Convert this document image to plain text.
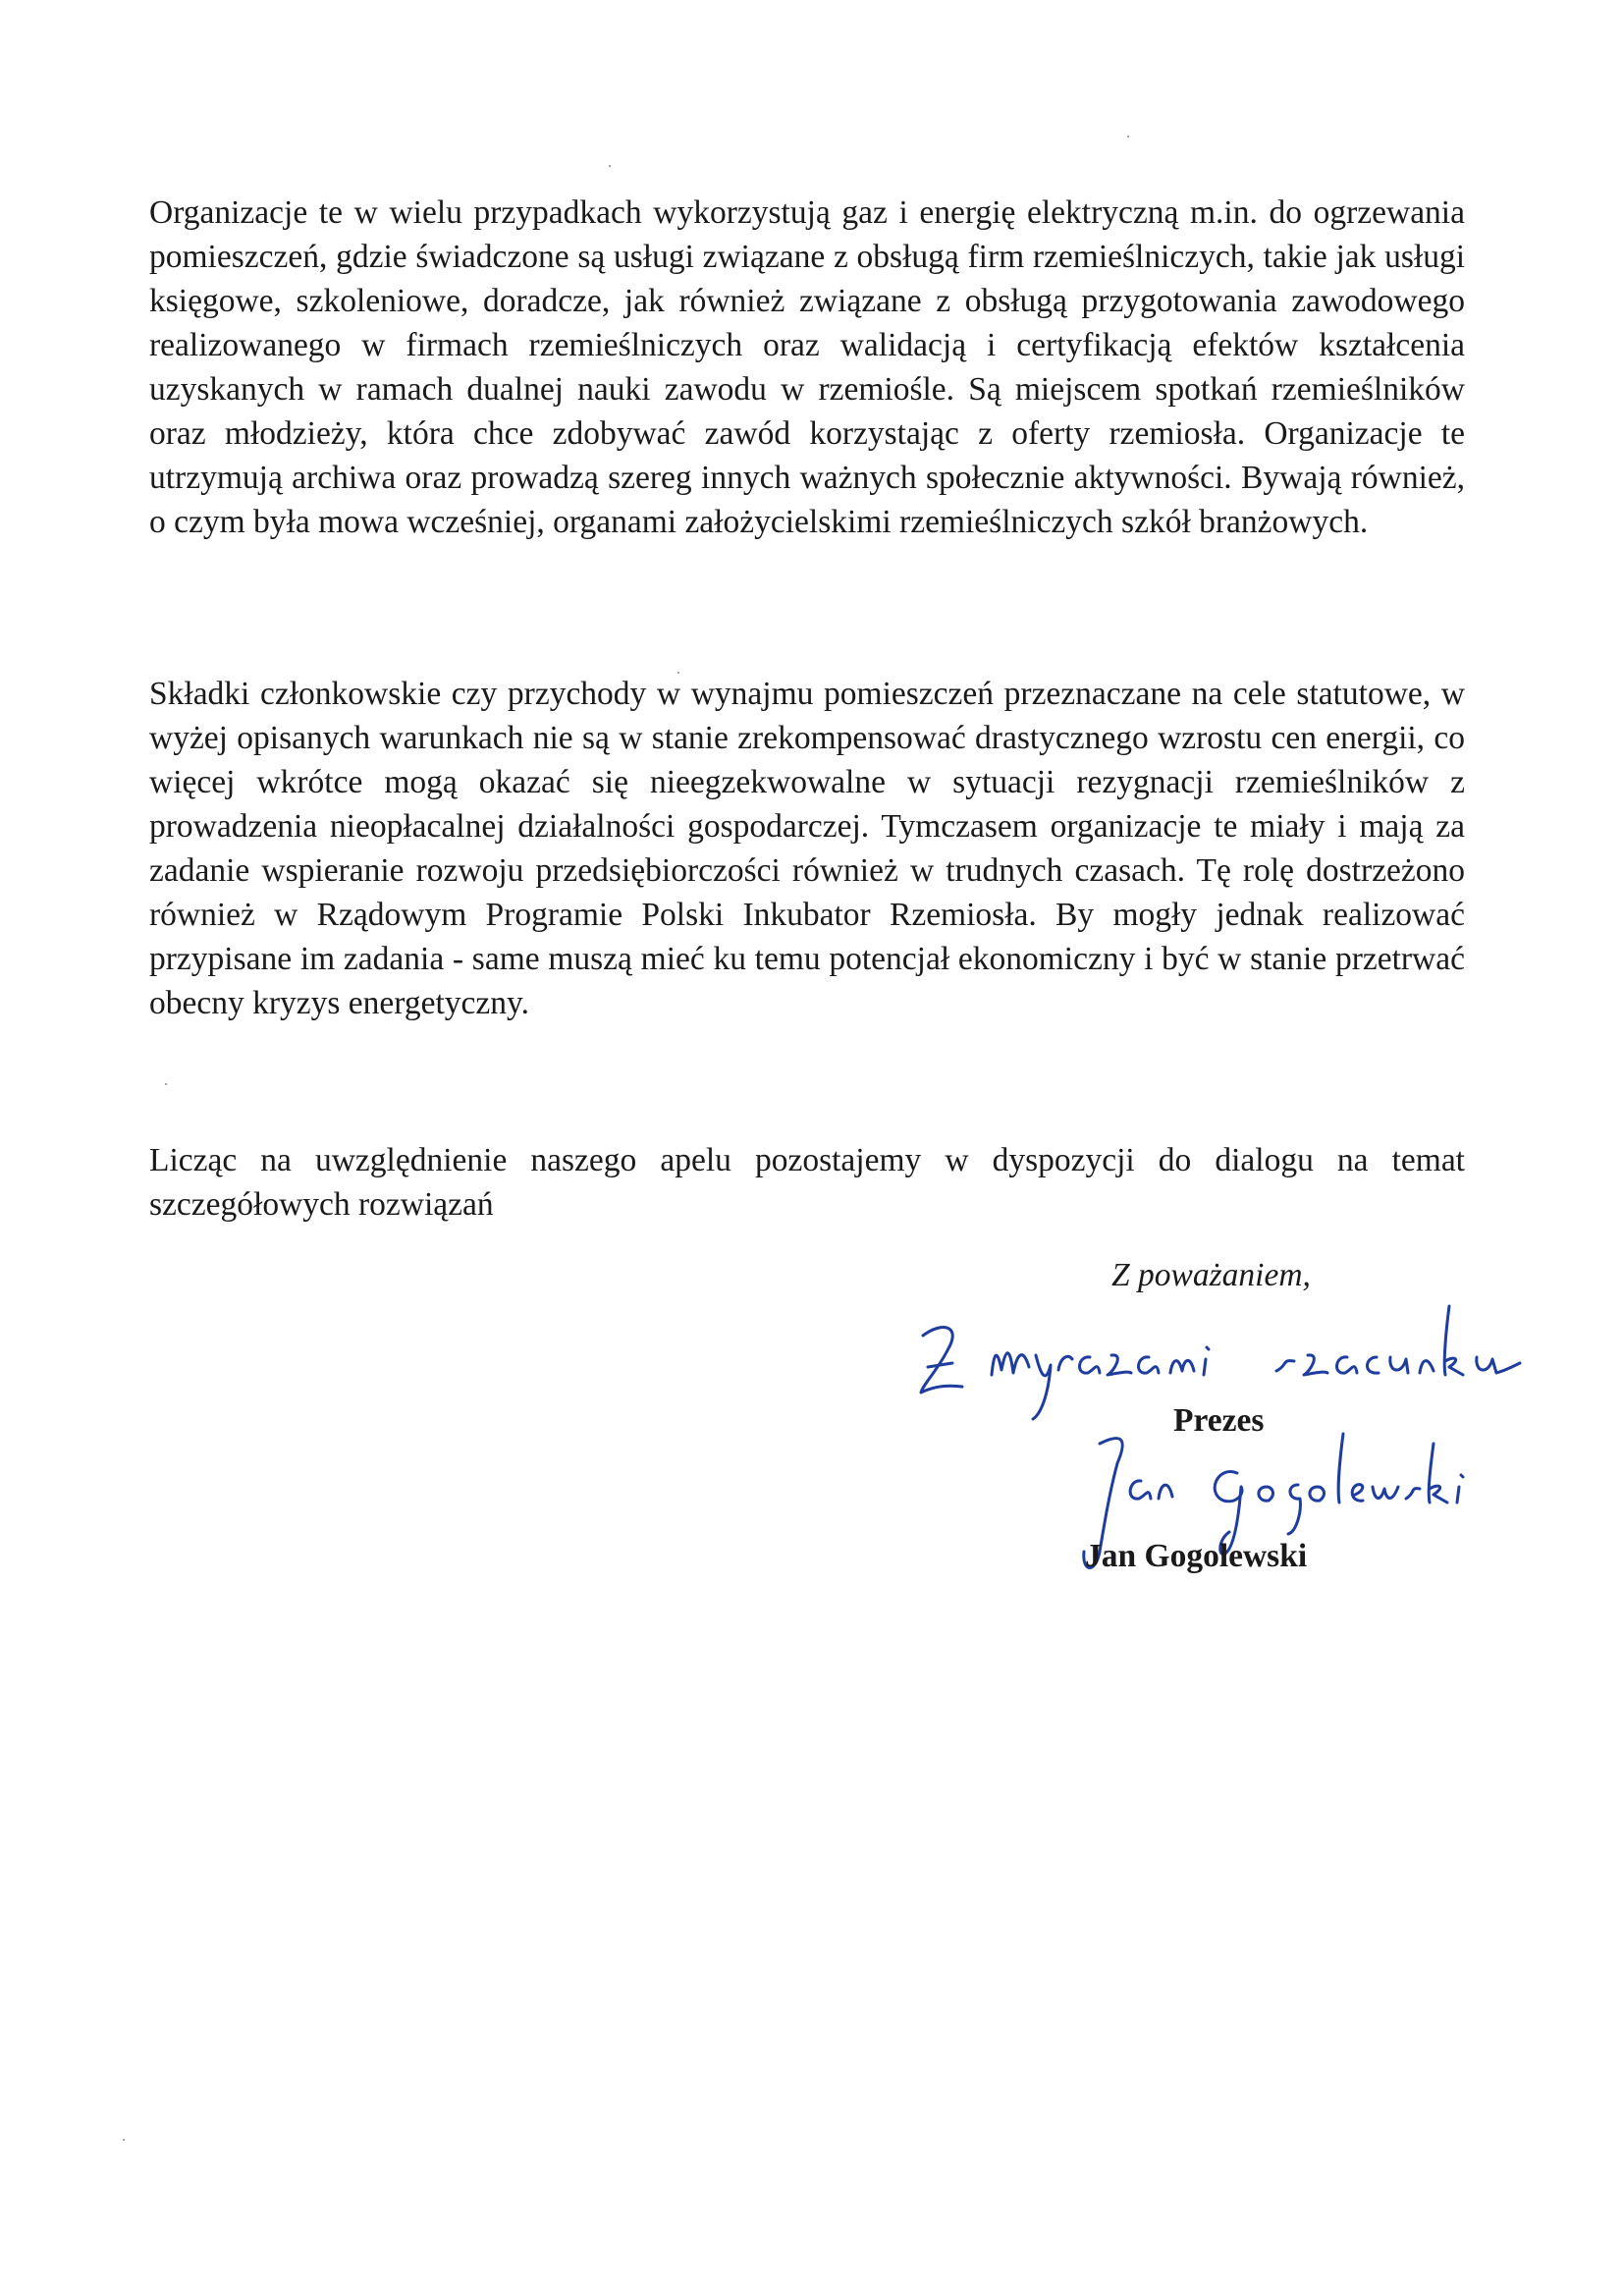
Organizacje te w wielu przypadkach wykorzystują gaz i energię elektryczną m.in. do ogrzewania pomieszczeń, gdzie świadczone są usługi związane z obsługą firm rzemieślniczych, takie jak usługi księgowe, szkoleniowe, doradcze, jak również związane z obsługą przygotowania zawodowego realizowanego w firmach rzemieślniczych oraz walidacją i certyfikacją efektów kształcenia uzyskanych w ramach dualnej nauki zawodu w rzemiośle. Są miejscem spotkań rzemieślników oraz młodzieży, która chce zdobywać zawód korzystając z oferty rzemiosła. Organizacje te utrzymują archiwa oraz prowadzą szereg innych ważnych społecznie aktywności. Bywają również, o czym była mowa wcześniej, organami założycielskimi rzemieślniczych szkół branżowych.

Składki członkowskie czy przychody w wynajmu pomieszczeń przeznaczane na cele statutowe, w wyżej opisanych warunkach nie są w stanie zrekompensować drastycznego wzrostu cen energii, co więcej wkrótce mogą okazać się nieegzekwowalne w sytuacji rezygnacji rzemieślników z prowadzenia nieopłacalnej działalności gospodarczej. Tymczasem organizacje te miały i mają za zadanie wspieranie rozwoju przedsiębiorczości również w trudnych czasach. Tę rolę dostrzeżono również w Rządowym Programie Polski Inkubator Rzemiosła. By mogły jednak realizować przypisane im zadania - same muszą mieć ku temu potencjał ekonomiczny i być w stanie przetrwać obecny kryzys energetyczny.

Licząc na uwzględnienie naszego apelu pozostajemy w dyspozycji do dialogu na temat szczegółowych rozwiązań

Z poważaniem,

Prezes

Jan Gogolewski
